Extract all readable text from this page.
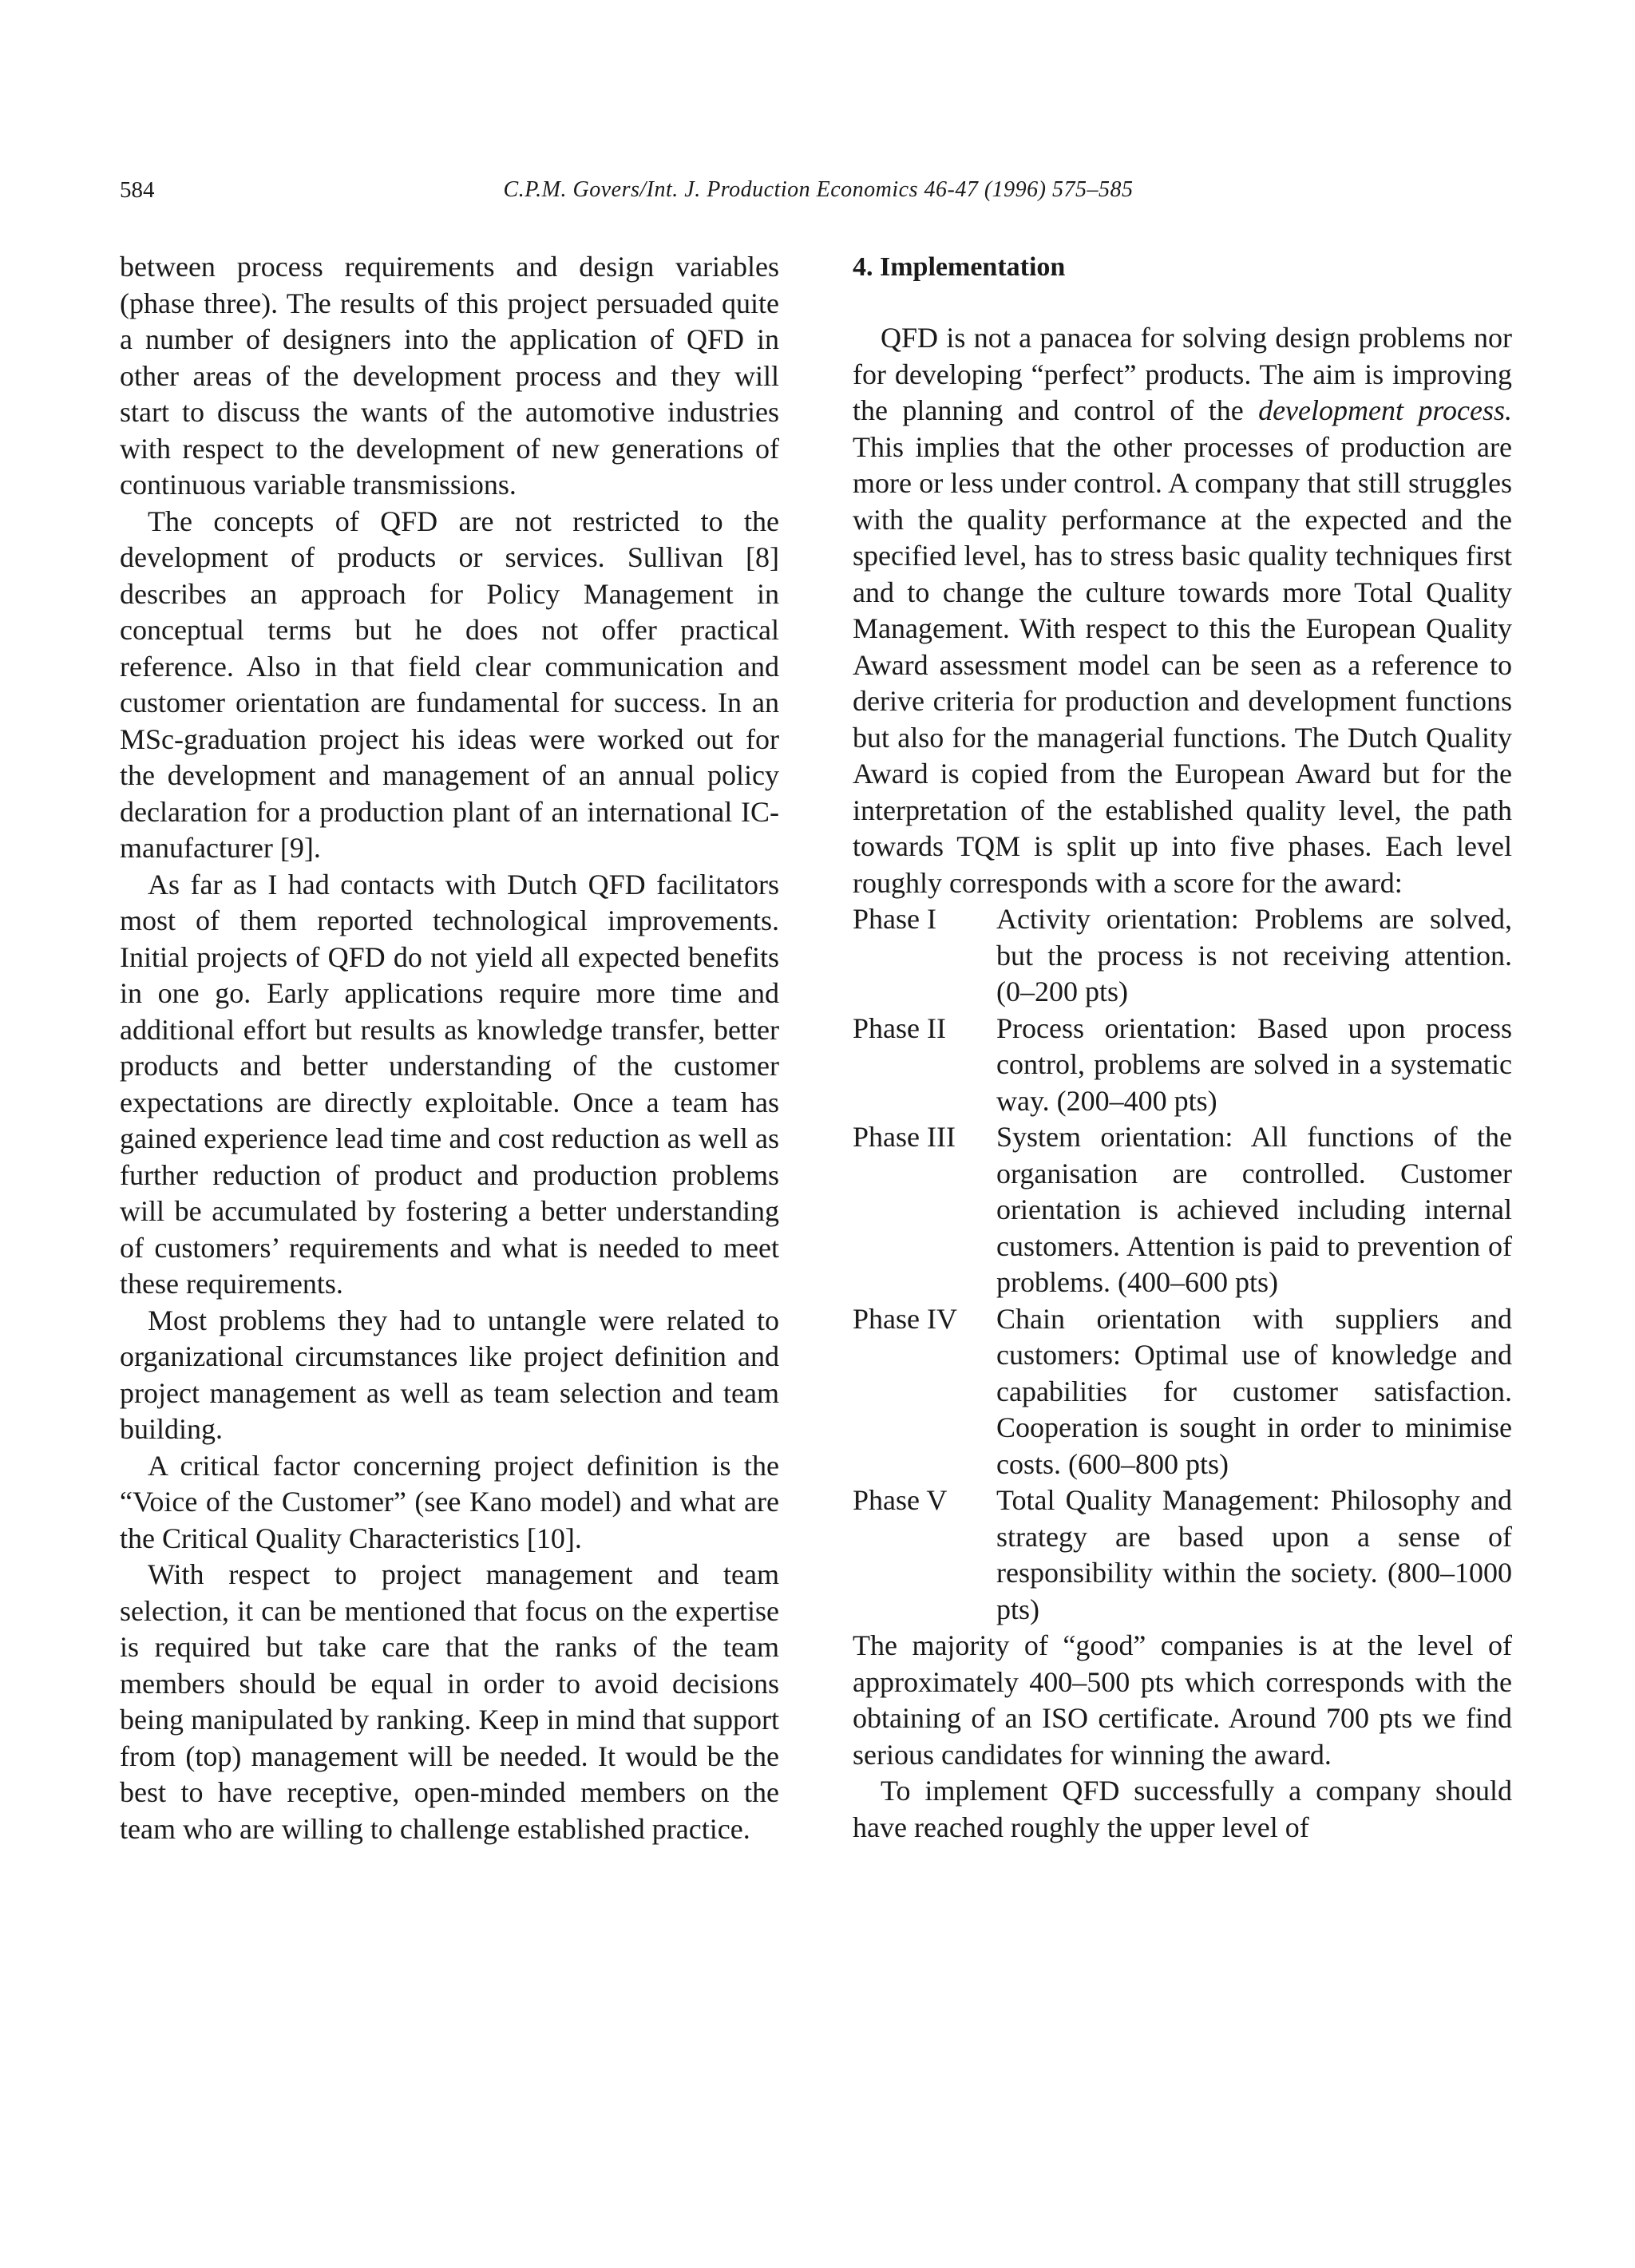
584	C.P.M. Govers/Int. J. Production Economics 46-47 (1996) 575–585

between process requirements and design variables (phase three). The results of this project persuaded quite a number of designers into the application of QFD in other areas of the development process and they will start to discuss the wants of the automotive industries with respect to the development of new generations of continuous variable transmissions.

The concepts of QFD are not restricted to the development of products or services. Sullivan [8] describes an approach for Policy Management in conceptual terms but he does not offer practical reference. Also in that field clear communication and customer orientation are fundamental for success. In an MSc-graduation project his ideas were worked out for the development and management of an annual policy declaration for a production plant of an international IC-manufacturer [9].

As far as I had contacts with Dutch QFD facilitators most of them reported technological improvements. Initial projects of QFD do not yield all expected benefits in one go. Early applications require more time and additional effort but results as knowledge transfer, better products and better understanding of the customer expectations are directly exploitable. Once a team has gained experience lead time and cost reduction as well as further reduction of product and production problems will be accumulated by fostering a better understanding of customers’ requirements and what is needed to meet these requirements.

Most problems they had to untangle were related to organizational circumstances like project definition and project management as well as team selection and team building.

A critical factor concerning project definition is the “Voice of the Customer” (see Kano model) and what are the Critical Quality Characteristics [10].

With respect to project management and team selection, it can be mentioned that focus on the expertise is required but take care that the ranks of the team members should be equal in order to avoid decisions being manipulated by ranking. Keep in mind that support from (top) management will be needed. It would be the best to have receptive, open-minded members on the team who are willing to challenge established practice.

4. Implementation

QFD is not a panacea for solving design problems nor for developing “perfect” products. The aim is improving the planning and control of the development process. This implies that the other processes of production are more or less under control. A company that still struggles with the quality performance at the expected and the specified level, has to stress basic quality techniques first and to change the culture towards more Total Quality Management. With respect to this the European Quality Award assessment model can be seen as a reference to derive criteria for production and development functions but also for the managerial functions. The Dutch Quality Award is copied from the European Award but for the interpretation of the established quality level, the path towards TQM is split up into five phases. Each level roughly corresponds with a score for the award:

Phase I	Activity orientation: Problems are solved, but the process is not receiving attention. (0–200 pts)
Phase II	Process orientation: Based upon process control, problems are solved in a systematic way. (200–400 pts)
Phase III	System orientation: All functions of the organisation are controlled. Customer orientation is achieved including internal customers. Attention is paid to prevention of problems. (400–600 pts)
Phase IV	Chain orientation with suppliers and customers: Optimal use of knowledge and capabilities for customer satisfaction. Cooperation is sought in order to minimise costs. (600–800 pts)
Phase V	Total Quality Management: Philosophy and strategy are based upon a sense of responsibility within the society. (800–1000 pts)

The majority of “good” companies is at the level of approximately 400–500 pts which corresponds with the obtaining of an ISO certificate. Around 700 pts we find serious candidates for winning the award.

To implement QFD successfully a company should have reached roughly the upper level of
